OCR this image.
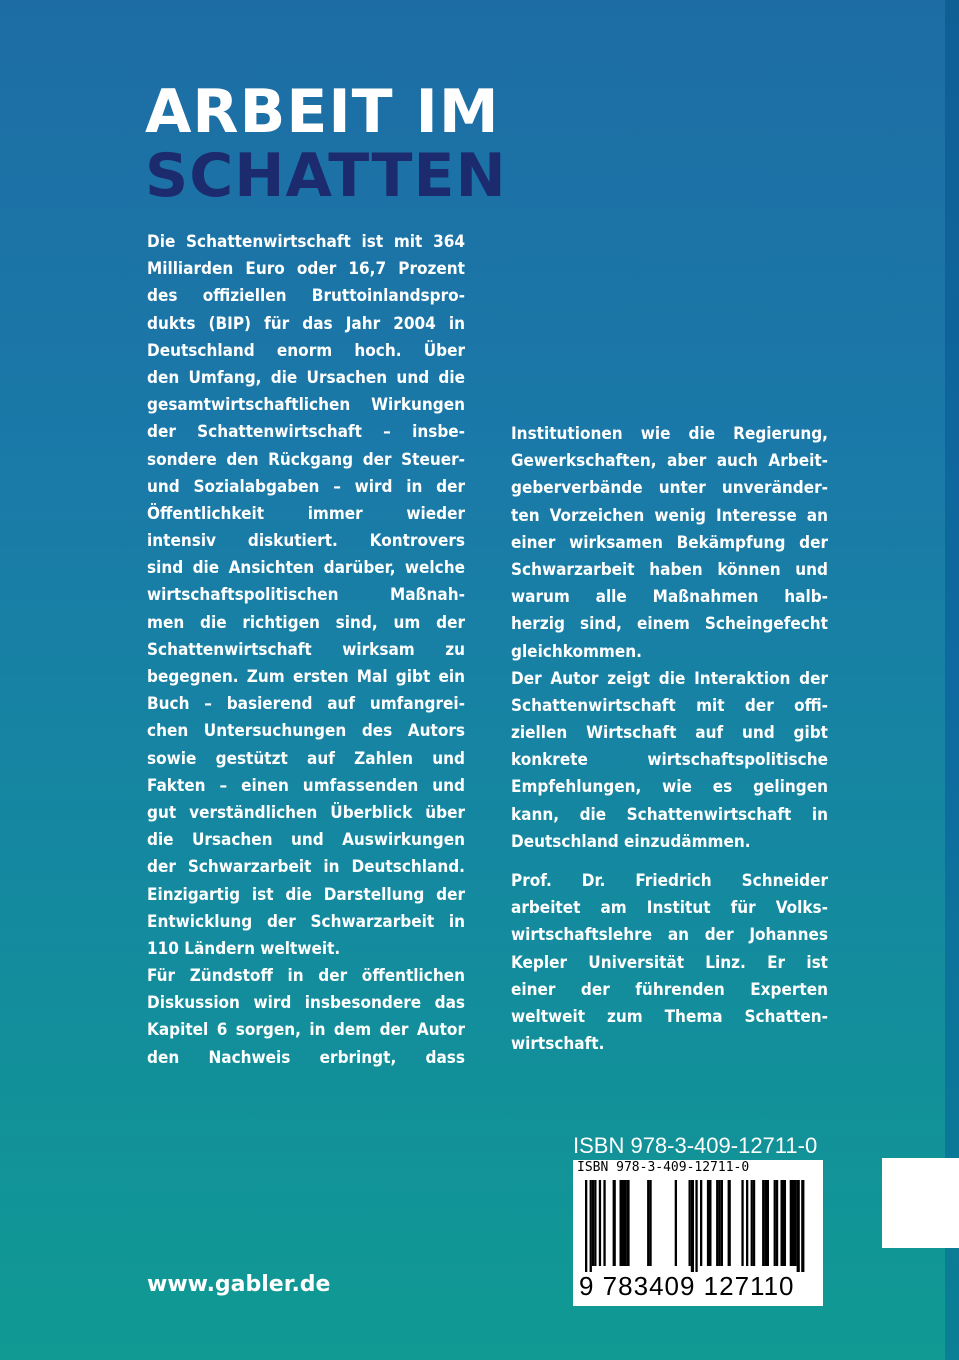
ARBEIT IM
SCHATTEN
Die Schattenwirtschaft ist mit 364
Milliarden Euro oder 16,7 Prozent
des offiziellen Bruttoinlandspro-
dukts (BIP) für das Jahr 2004 in
Deutschland enorm hoch. Über
den Umfang, die Ursachen und die
gesamtwirtschaftlichen Wirkungen
der Schattenwirtschaft – insbe-
sondere den Rückgang der Steuer-
und Sozialabgaben – wird in der
Öffentlichkeit immer wieder
intensiv diskutiert. Kontrovers
sind die Ansichten darüber, welche
wirtschaftspolitischen Maßnah-
men die richtigen sind, um der
Schattenwirtschaft wirksam zu
begegnen. Zum ersten Mal gibt ein
Buch – basierend auf umfangrei-
chen Untersuchungen des Autors
sowie gestützt auf Zahlen und
Fakten – einen umfassenden und
gut verständlichen Überblick über
die Ursachen und Auswirkungen
der Schwarzarbeit in Deutschland.
Einzigartig ist die Darstellung der
Entwicklung der Schwarzarbeit in
110 Ländern weltweit.
Für Zündstoff in der öffentlichen
Diskussion wird insbesondere das
Kapitel 6 sorgen, in dem der Autor
den Nachweis erbringt, dass
Institutionen wie die Regierung,
Gewerkschaften, aber auch Arbeit-
geberverbände unter unveränder-
ten Vorzeichen wenig Interesse an
einer wirksamen Bekämpfung der
Schwarzarbeit haben können und
warum alle Maßnahmen halb-
herzig sind, einem Scheingefecht
gleichkommen.
Der Autor zeigt die Interaktion der
Schattenwirtschaft mit der offi-
ziellen Wirtschaft auf und gibt
konkrete wirtschaftspolitische
Empfehlungen, wie es gelingen
kann, die Schattenwirtschaft in
Deutschland einzudämmen.
Prof. Dr. Friedrich Schneider
arbeitet am Institut für Volks-
wirtschaftslehre an der Johannes
Kepler Universität Linz. Er ist
einer der führenden Experten
weltweit zum Thema Schatten-
wirtschaft.
www.gabler.de
ISBN 978-3-409-12711-0
ISBN 978-3-409-12711-0
9 783409 127110
